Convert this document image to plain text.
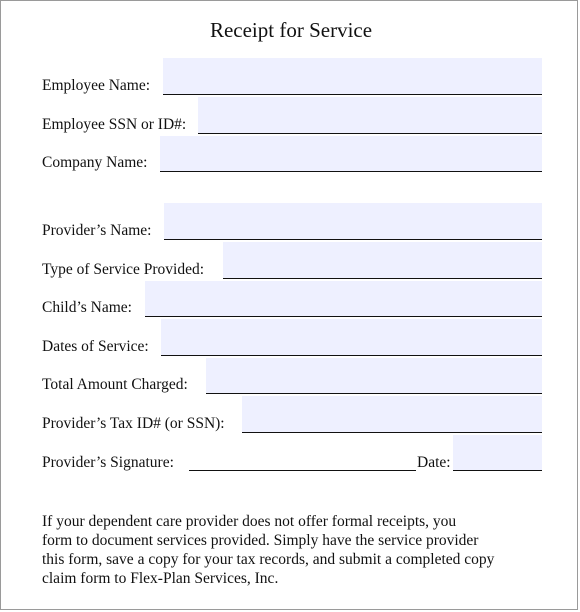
Receipt for Service
Employee Name:
Employee SSN or ID#:
Company Name:
Provider’s Name:
Type of Service Provided:
Child’s Name:
Dates of Service:
Total Amount Charged:
Provider’s Tax ID# (or SSN):
Provider’s Signature:	Date:

If your dependent care provider does not offer formal receipts, you
form to document services provided. Simply have the service provider
this form, save a copy for your tax records, and submit a completed copy
claim form to Flex-Plan Services, Inc.
